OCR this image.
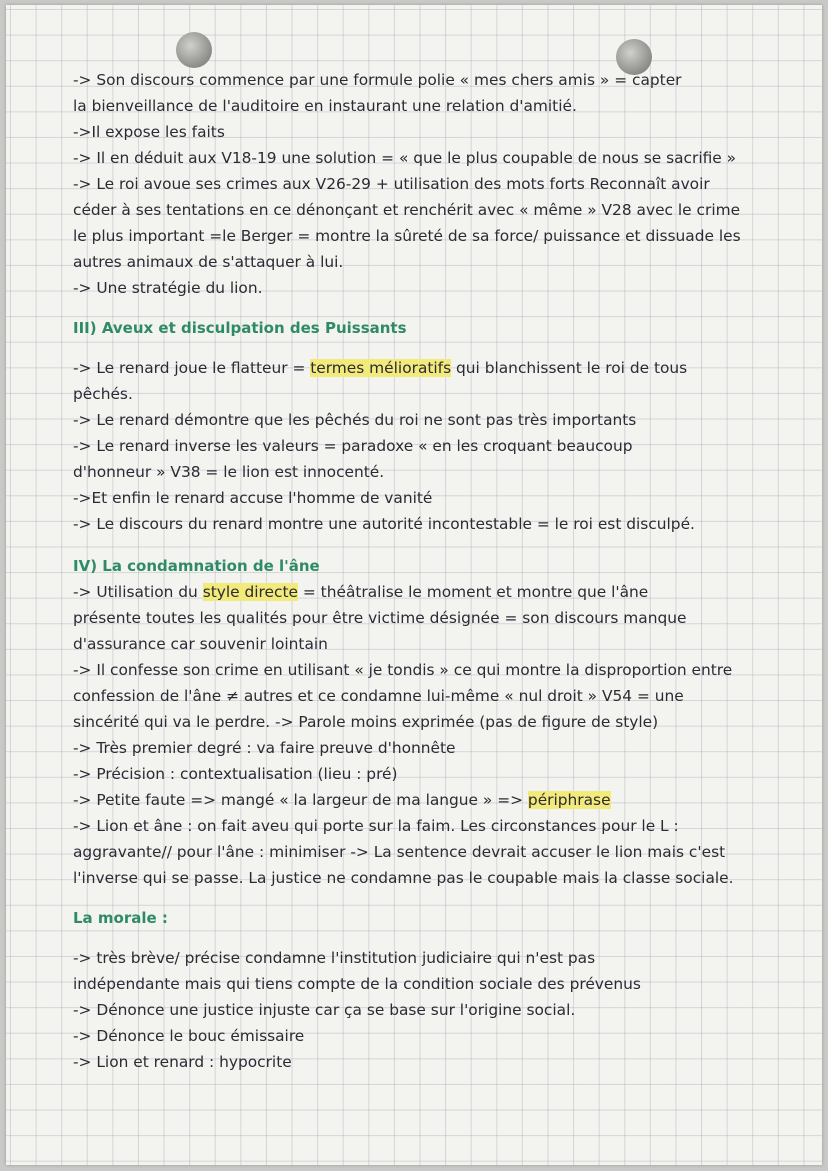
-> Son discours commence par une formule polie « mes chers amis » = capter
la bienveillance de l'auditoire en instaurant une relation d'amitié.
->Il expose les faits
-> Il en déduit aux V18-19 une solution = « que le plus coupable de nous se sacrifie »
-> Le roi avoue ses crimes aux V26-29 + utilisation des mots forts Reconnaît avoir
céder à ses tentations en ce dénonçant et renchérit avec « même » V28 avec le crime
le plus important =le Berger = montre la sûreté de sa force/ puissance et dissuade les
autres animaux de s'attaquer à lui.
-> Une stratégie du lion.
III) Aveux et disculpation des Puissants
-> Le renard joue le flatteur = termes mélioratifs qui blanchissent le roi de tous
pêchés.
-> Le renard démontre que les pêchés du roi ne sont pas très importants
-> Le renard inverse les valeurs = paradoxe « en les croquant beaucoup
d'honneur » V38 = le lion est innocenté.
->Et enfin le renard accuse l'homme de vanité
-> Le discours du renard montre une autorité incontestable = le roi est disculpé.
IV) La condamnation de l'âne
-> Utilisation du style directe = théâtralise le moment et montre que l'âne
présente toutes les qualités pour être victime désignée = son discours manque
d'assurance car souvenir lointain
-> Il confesse son crime en utilisant « je tondis » ce qui montre la disproportion entre
confession de l'âne ≠ autres et ce condamne lui-même « nul droit » V54 = une
sincérité qui va le perdre. -> Parole moins exprimée (pas de figure de style)
-> Très premier degré : va faire preuve d'honnête
-> Précision : contextualisation (lieu : pré)
-> Petite faute => mangé « la largeur de ma langue » => périphrase
-> Lion et âne : on fait aveu qui porte sur la faim. Les circonstances pour le L :
aggravante// pour l'âne : minimiser -> La sentence devrait accuser le lion mais c'est
l'inverse qui se passe. La justice ne condamne pas le coupable mais la classe sociale.
La morale :
-> très brève/ précise condamne l'institution judiciaire qui n'est pas
indépendante mais qui tiens compte de la condition sociale des prévenus
-> Dénonce une justice injuste car ça se base sur l'origine social.
-> Dénonce le bouc émissaire
-> Lion et renard : hypocrite
